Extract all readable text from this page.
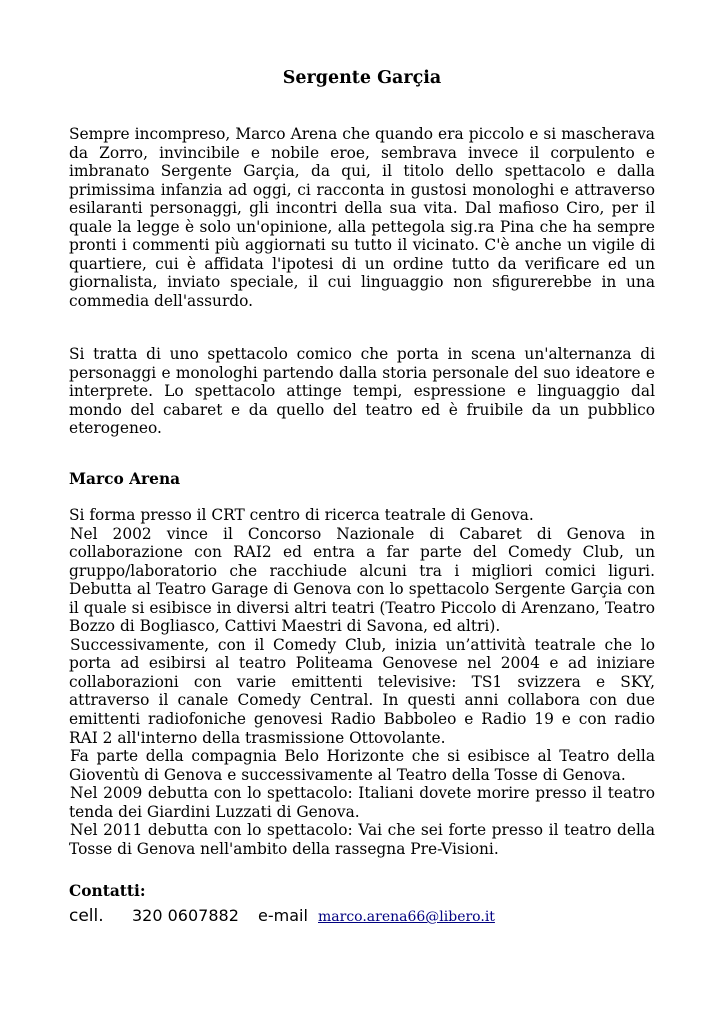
Sergente Garçia

Sempre incompreso, Marco Arena che quando era piccolo e si mascherava da Zorro, invincibile e nobile eroe, sembrava invece il corpulento e imbranato Sergente Garçia, da qui, il titolo dello spettacolo e dalla primissima infanzia ad oggi, ci racconta in gustosi monologhi e attraverso esilaranti personaggi, gli incontri della sua vita. Dal mafioso Ciro, per il quale la legge è solo un'opinione, alla pettegola sig.ra Pina che ha sempre pronti i commenti più aggiornati su tutto il vicinato. C'è anche un vigile di quartiere, cui è affidata l'ipotesi di un ordine tutto da verificare ed un giornalista, inviato speciale, il cui linguaggio non sfigurerebbe in una commedia dell'assurdo.

Si tratta di uno spettacolo comico che porta in scena un'alternanza di personaggi e monologhi partendo dalla storia personale del suo ideatore e interprete. Lo spettacolo attinge tempi, espressione e linguaggio dal mondo del cabaret e da quello del teatro ed è fruibile da un pubblico eterogeneo.

Marco Arena

Si forma presso il CRT centro di ricerca teatrale di Genova.

Nel 2002 vince il Concorso Nazionale di Cabaret di Genova in collaborazione con RAI2 ed entra a far parte del Comedy Club, un gruppo/laboratorio che racchiude alcuni tra i migliori comici liguri. Debutta al Teatro Garage di Genova con lo spettacolo Sergente Garçia con il quale si esibisce in diversi altri teatri (Teatro Piccolo di Arenzano, Teatro Bozzo di Bogliasco, Cattivi Maestri di Savona, ed altri).

Successivamente, con il Comedy Club, inizia un’attività teatrale che lo porta ad esibirsi al teatro Politeama Genovese nel 2004 e ad iniziare collaborazioni con varie emittenti televisive: TS1 svizzera e SKY, attraverso il canale Comedy Central. In questi anni collabora con due emittenti radiofoniche genovesi Radio Babboleo e Radio 19 e con radio RAI 2 all'interno della trasmissione Ottovolante.

Fa parte della compagnia Belo Horizonte che si esibisce al Teatro della Gioventù di Genova e successivamente al Teatro della Tosse di Genova.

Nel 2009 debutta con lo spettacolo: Italiani dovete morire presso il teatro tenda dei Giardini Luzzati di Genova.

Nel 2011 debutta con lo spettacolo: Vai che sei forte presso il teatro della Tosse di Genova nell'ambito della rassegna Pre-Visioni.

Contatti:
cell. 320 0607882 e-mail marco.arena66@libero.it
